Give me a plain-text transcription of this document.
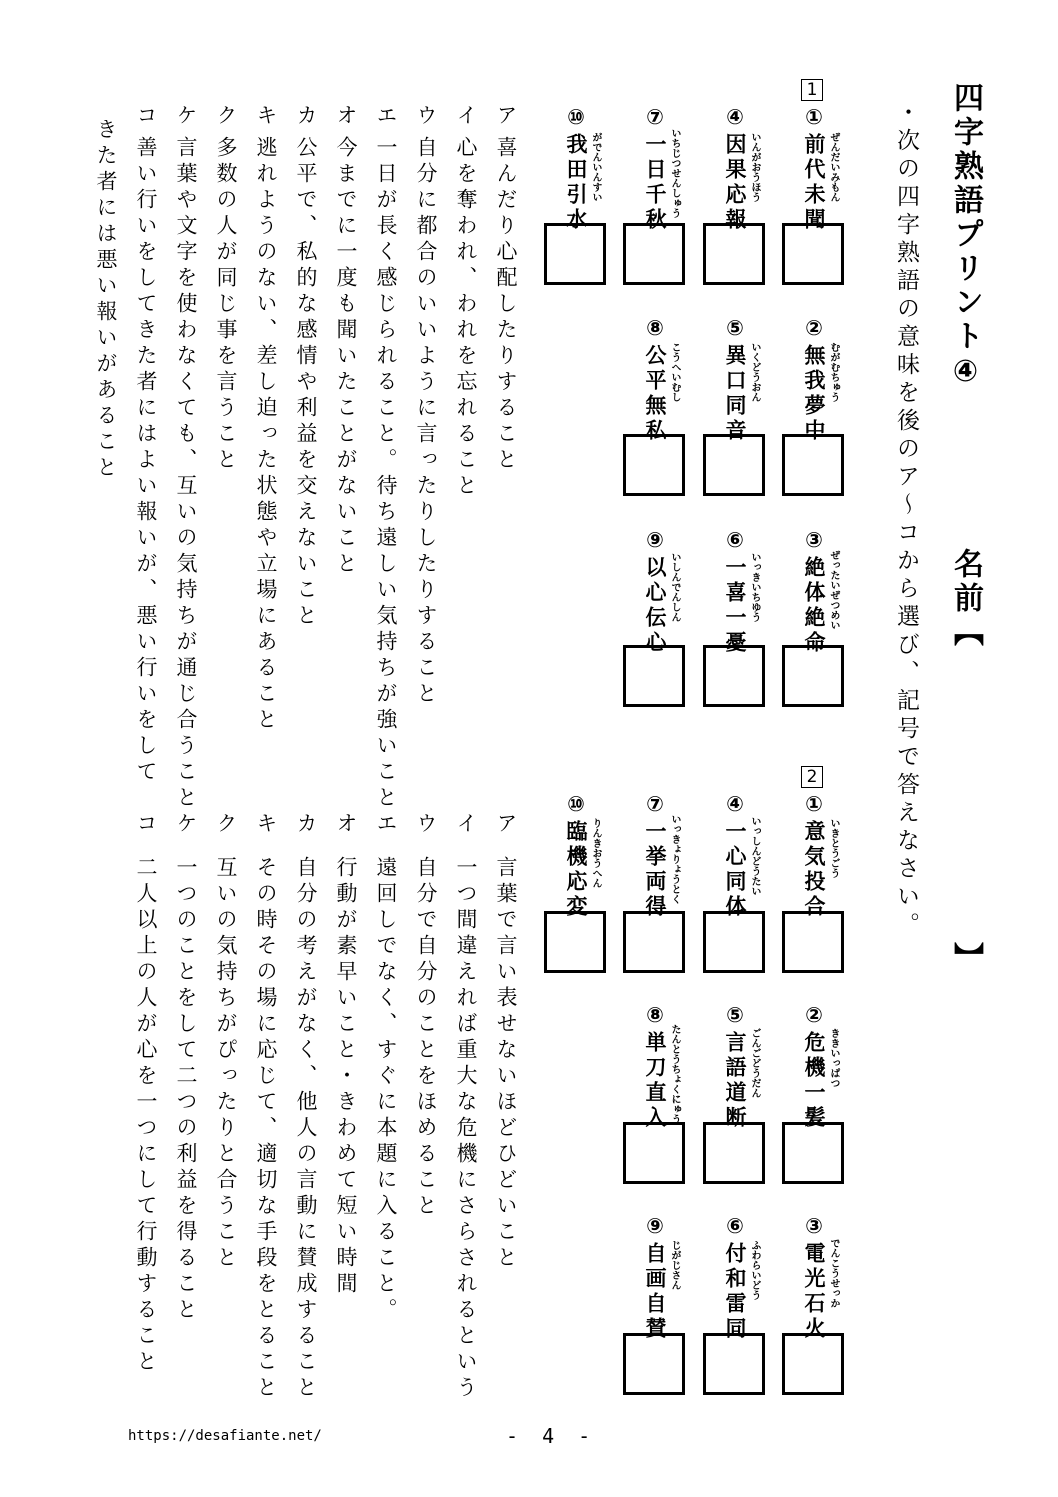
四字熟語プリント④
名前
【
】
・次の四字熟語の意味を後のア～コから選び、記号で答えなさい。
1
①前代未聞 ぜんだいみもん
④因果応報 いんがおうほう
⑦一日千秋 いちじつせんしゅう
⑩我田引水 がでんいんすい
②無我夢中 むがむちゅう
⑤異口同音 いくどうおん
⑧公平無私 こうへいむし
③絶体絶命 ぜったいぜつめい
⑥一喜一憂 いっきいちゆう
⑨以心伝心 いしんでんしん
ア
喜んだり心配したりすること
イ
心を奪われ、われを忘れること
ウ
自分に都合のいいように言ったりしたりすること
エ
一日が長く感じられること。待ち遠しい気持ちが強いこと
オ
今までに一度も聞いたことがないこと
カ
公平で、私的な感情や利益を交えないこと
キ
逃れようのない、差し迫った状態や立場にあること
ク
多数の人が同じ事を言うこと
ケ
言葉や文字を使わなくても、互いの気持ちが通じ合うこと
コ
善い行いをしてきた者にはよい報いが、悪い行いをして
きた者には悪い報いがあること
2
①意気投合 いきとうごう
④一心同体 いっしんどうたい
⑦一挙両得 いっきょりょうとく
⑩臨機応変 りんきおうへん
②危機一髪 ききいっぱつ
⑤言語道断 ごんごどうだん
⑧単刀直入 たんとうちょくにゅう
③電光石火 でんこうせっか
⑥付和雷同 ふわらいどう
⑨自画自賛 じがじさん
ア
言葉で言い表せないほどひどいこと
イ
一つ間違えれば重大な危機にさらされるという
ウ
自分で自分のことをほめること
エ
遠回しでなく、すぐに本題に入ること。
オ
行動が素早いこと・きわめて短い時間
カ
自分の考えがなく、他人の言動に賛成すること
キ
その時その場に応じて、適切な手段をとること
ク
互いの気持ちがぴったりと合うこと
ケ
一つのことをして二つの利益を得ること
コ
二人以上の人が心を一つにして行動すること
https://desafiante.net/	- 4 -
